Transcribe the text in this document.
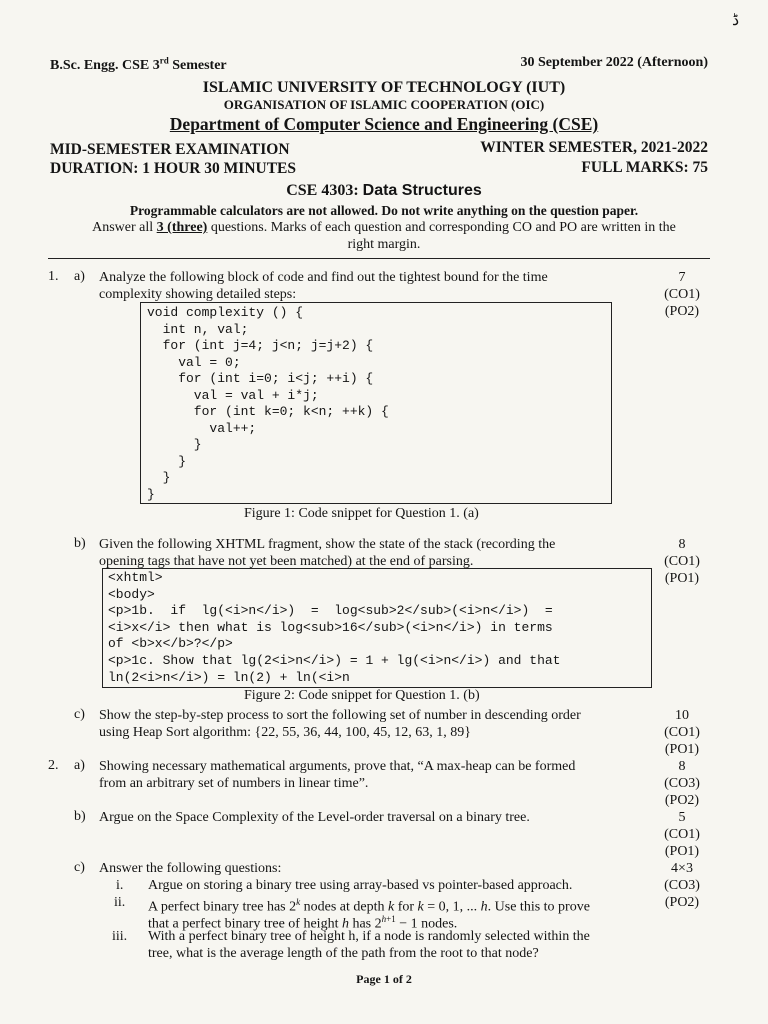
ڈ
B.Sc. Engg. CSE 3rd Semester	30 September 2022 (Afternoon)
ISLAMIC UNIVERSITY OF TECHNOLOGY (IUT)
ORGANISATION OF ISLAMIC COOPERATION (OIC)
Department of Computer Science and Engineering (CSE)
MID-SEMESTER EXAMINATION	WINTER SEMESTER, 2021-2022
DURATION: 1 HOUR 30 MINUTES	FULL MARKS: 75
CSE 4303: Data Structures
Programmable calculators are not allowed. Do not write anything on the question paper.
Answer all 3 (three) questions. Marks of each question and corresponding CO and PO are written in the
right margin.
1. a) Analyze the following block of code and find out the tightest bound for the time
complexity showing detailed steps:
7
(CO1)
(PO2)
void complexity () {
int n, val;
for (int j=4; j<n; j=j+2) {
val = 0;
for (int i=0; i<j; ++i) {
val = val + i*j;
for (int k=0; k<n; ++k) {
val++;
}
}
}
}
Figure 1: Code snippet for Question 1. (a)
b) Given the following XHTML fragment, show the state of the stack (recording the
opening tags that have not yet been matched) at the end of parsing.
8
(CO1)
(PO1)
<xhtml>
<body>
<p>1b.  if  lg(<i>n</i>)  =  log<sub>2</sub>(<i>n</i>)  =
<i>x</i> then what is log<sub>16</sub>(<i>n</i>) in terms
of <b>x</b>?</p>
<p>1c. Show that lg(2<i>n</i>) = 1 + lg(<i>n</i>) and that
ln(2<i>n</i>) = ln(2) + ln(<i>n
Figure 2: Code snippet for Question 1. (b)
c) Show the step-by-step process to sort the following set of number in descending order
using Heap Sort algorithm: {22, 55, 36, 44, 100, 45, 12, 63, 1, 89}
10
(CO1)
(PO1)
2. a) Showing necessary mathematical arguments, prove that, “A max-heap can be formed
from an arbitrary set of numbers in linear time”.
8
(CO3)
(PO2)
b) Argue on the Space Complexity of the Level-order traversal on a binary tree.	5
(CO1)
(PO1)
c) Answer the following questions:	4×3
(CO3)
(PO2)
i. Argue on storing a binary tree using array-based vs pointer-based approach.
ii. A perfect binary tree has 2$^k$ nodes at depth k for k = 0, 1, ... h. Use this to prove
that a perfect binary tree of height h has $2^{h+1} - 1$ nodes.
iii. With a perfect binary tree of height h, if a node is randomly selected within the
tree, what is the average length of the path from the root to that node?
Page 1 of 2
